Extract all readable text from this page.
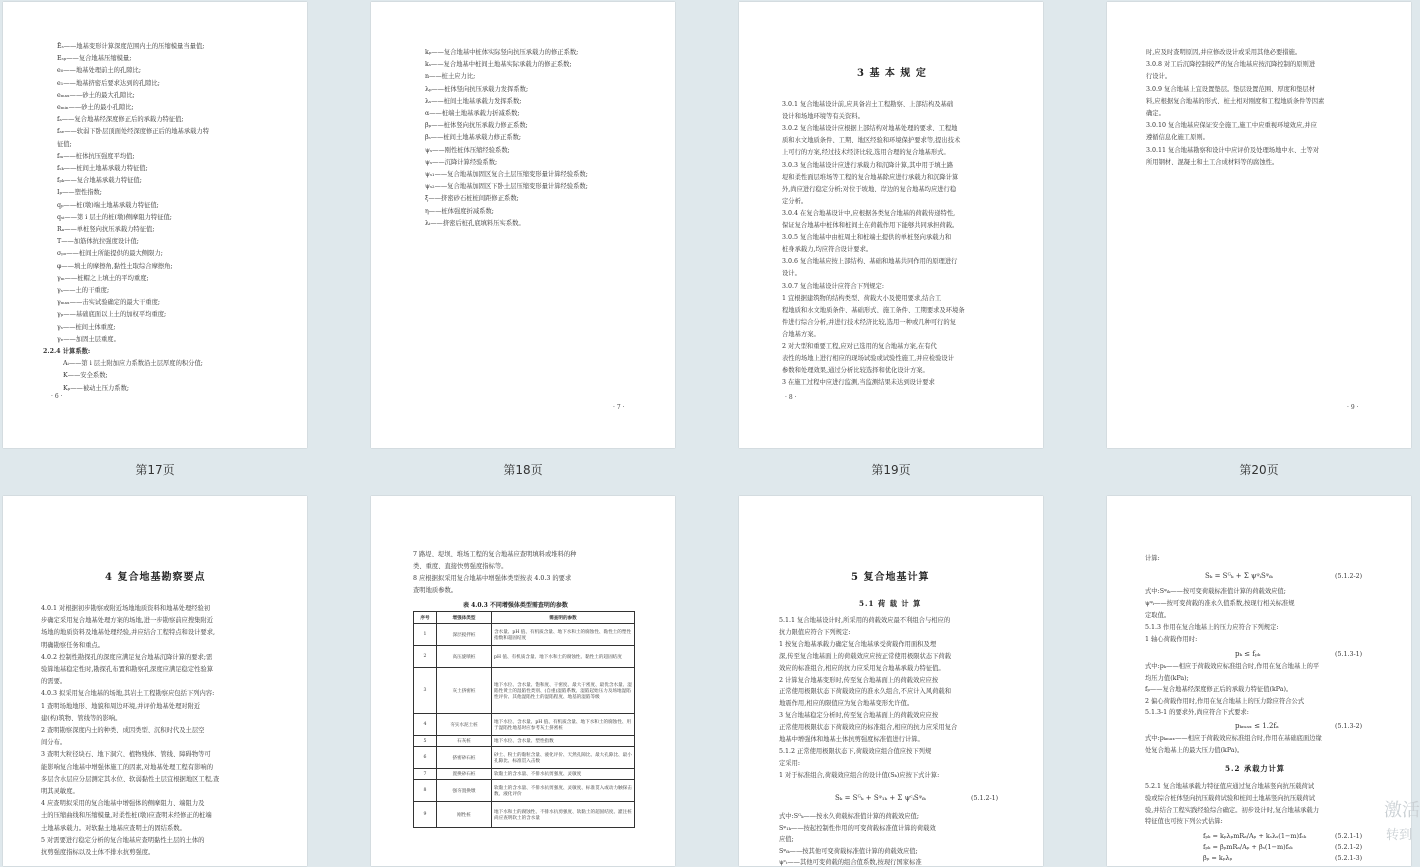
Ēₛ——地基变形计算深度范围内土的压缩模量当量值;
Eₛₚ——复合地基压缩模量;
e₀——地基处理前土的孔隙比;
e₁——地基挤密后要求达到的孔隙比;
eₘₐₓ——砂土的最大孔隙比;
eₘᵢₙ——砂土的最小孔隙比;
fₐ——复合地基经深度修正后的承载力特征值;
fₐₑ——软弱下卧层顶面处经深度修正后的地基承载力特
征值;
fₘ——桩体抗压强度平均值;
fₛₖ——桩间土地基承载力特征值;
fₚₖ——复合地基承载力特征值;
Iₚ——塑性指数;
qₚ——桩(墩)端土地基承载力特征值;
qₛᵢ——第 i 层土的桩(墩)侧摩阻力特征值;
Rₐ——单桩竖向抗压承载力特征值;
T——加筋体抗拉强度设计值;
σₚₒ——桩间土所能提供的最大侧限力;
φ——填土的摩擦角,黏性土取综合摩擦角;
γₘ——桩帽之上填土的平均重度;
γₛ——土的干重度;
γₘₐₓ——击实试验确定的最大干重度;
γₚ——基础底面以上土的加权平均重度;
γₛ——桩间土体重度;
γₑ——加固土层重度。
2.2.4 计算系数:
Aᵢ——第 i 层土附加应力系数沿土层厚度的积分值;
K——安全系数;
Kₚ——被动土压力系数;
· 6 ·
第17页
kₚ——复合地基中桩体实际竖向抗压承载力的修正系数;
kₛ——复合地基中桩间土地基实际承载力的修正系数;
n——桩土应力比;
λₚ——桩体竖向抗压承载力发挥系数;
λₛ——桩间土地基承载力发挥系数;
α——桩端土地基承载力折减系数;
βₚ——桩体竖向抗压承载力修正系数;
βₛ——桩间土地基承载力修正系数;
ψₛ——刚性桩体压缩经验系数;
ψₛ——沉降计算经验系数;
ψₛ₁——复合地基加固区复合土层压缩变形量计算经验系数;
ψₛ₂——复合地基加固区下卧土层压缩变形量计算经验系数;
ξ——挤密砂石桩桩间距修正系数;
η——桩体强度折减系数;
λᵢ——挤密后桩孔底填料压实系数。
· 7 ·
第18页
3 基 本 规 定
3.0.1 复合地基设计前,应具备岩土工程勘察、上部结构及基础
设计和场地环境等有关资料。
3.0.2 复合地基设计应根据上部结构对地基处理的要求、工程地
质和水文地质条件、工期、地区经验和环境保护要求等,提出技术
上可行的方案,经过技术经济比较,选用合理的复合地基形式。
3.0.3 复合地基设计应进行承载力和沉降计算,其中用于填土路
堤和柔性面层堆场等工程的复合地基除应进行承载力和沉降计算
外,尚应进行稳定分析;对位于坡地、岸边的复合地基均应进行稳
定分析。
3.0.4 在复合地基设计中,应根据各类复合地基的荷载传递特性,
保证复合地基中桩体和桩间土在荷载作用下能够共同承担荷载。
3.0.5 复合地基中由桩周土和桩端土提供的单桩竖向承载力和
桩身承载力,均应符合设计要求。
3.0.6 复合地基应按上部结构、基础和地基共同作用的原理进行
设计。
3.0.7 复合地基设计应符合下列规定:
1 宜根据建筑物的结构类型、荷载大小及使用要求,结合工
程地质和水文地质条件、基础形式、施工条件、工期要求及环境条
件进行综合分析,并进行技术经济比较,选用一种或几种可行的复
合地基方案。
2 对大型和重要工程,应对已选用的复合地基方案,在有代
表性的场地上进行相应的现场试验或试验性施工,并应检验设计
参数和处理效果,通过分析比较选择和优化设计方案。
3 在施工过程中应进行监测,当监测结果未达到设计要求
· 8 ·
第19页
时,应及时查明原因,并应修改设计或采用其他必要措施。
3.0.8 对工后沉降控制较严的复合地基应按沉降控制的原则进
行设计。
3.0.9 复合地基上宜设置垫层。垫层设置范围、厚度和垫层材
料,应根据复合地基的形式、桩土相对刚度和工程地质条件等因素
确定。
3.0.10 复合地基应保证安全施工,施工中应重视环境效应,并应
遵循信息化施工原则。
3.0.11 复合地基勘察和设计中应评价及处理场地中水、土等对
所用钢材、混凝土和土工合成材料等的腐蚀性。
· 9 ·
第20页
4 复合地基勘察要点
4.0.1 对根据初步勘察或附近场地地质资料和地基处理经验初
步确定采用复合地基处理方案的场地,进一步勘察前应搜集附近
场地的地质资料及地基处理经验,并应结合工程特点和设计要求,
明确勘察任务和重点。
4.0.2 控制性勘探孔的深度应满足复合地基沉降计算的要求;需
验算地基稳定性时,勘探孔布置和勘察孔深度应满足稳定性验算
的需要。
4.0.3 拟采用复合地基的场地,其岩土工程勘察应包括下列内容:
1 查明场地地形、地貌和周边环境,并评价地基处理对附近
建(构)筑物、管线等的影响。
2 查明勘察深度内土的种类、成因类型、沉积时代及土层空
间分布。
3 查明大粒径块石、地下洞穴、植物残体、管线、障碍物等可
能影响复合地基中增强体施工的因素,对地基处理工程有影响的
多层含水层应分层测定其水位、软弱黏性土层宜根据地区工程,查
明其灵敏度。
4 应查明拟采用的复合地基中增强体的侧摩阻力、端阻力及
土的压缩曲线和压缩模量,对柔性桩(墩)应查明未经修正的桩端
土地基承载力。对软黏土地基应查明土的固结系数。
5 对需要进行稳定分析的复合地基应查明黏性土层的土体的
抗剪强度指标以及土体不排水抗剪强度。
7 路堤、堤坝、堆场工程的复合地基应查明填料或堆料的种
类、重度、直接快剪强度指标等。
8 应根据拟采用复合地基中增强体类型按表 4.0.3 的要求
查明地质参数。
表 4.0.3 不同增强体类型需查明的参数
序号	增强体类型	需查明的参数
1	深层搅拌桩	含水量、pH 值、有机质含量、地下水和土的腐蚀性、黏性土的塑性指数和超固结度
2	高压旋喷桩	pH 值、有机质含量、地下水和土的腐蚀性、黏性土的超固结度
3	灰土挤密桩	地下水位、含水量、饱和度、干密度、最大干密度、最优含水量、湿陷性黄土的湿陷性类别、(自重)湿陷系数、湿陷起始压力及场地湿陷性评价、其他湿陷性土的湿陷程度、地基的湿陷等级
4	夯实水泥土桩	地下水位、含水量、pH 值、有机质含量、地下水和土的腐蚀性、用于湿陷性地基时应参考灰土挤密桩
5	石灰桩	地下水位、含水量、塑性指数
6	挤密砂石桩	砂土、粉土的黏粒含量、液化评价、天然孔隙比、最大孔隙比、最小孔隙比、标准贯入击数
7	置换砂石桩	软黏土的含水量、不排水抗剪强度、灵敏度
8	强夯置换墩	软黏土的含水量、不排水抗剪强度、灵敏度、标准贯入或动力触探击数、液化评价
9	刚性桩	地下水和土的腐蚀性、不排水抗剪强度、软黏土的超固结度、灌注桩尚应查明软土的含水量
5 复合地基计算
5.1 荷 载 计 算
5.1.1 复合地基设计时,所采用的荷载效应最不利组合与相应的
抗力限值应符合下列规定:
1 按复合地基承载力确定复合地基承受荷载作用面积及埋
深,传至复合地基面上的荷载效应应按正常使用极限状态下荷载
效应的标准组合,相应的抗力应采用复合地基承载力特征值。
2 计算复合地基变形时,传至复合地基面上的荷载效应应按
正常使用极限状态下荷载效应的准永久组合,不应计入风荷载和
地震作用,相应的限值应为复合地基变形允许值。
3 复合地基稳定分析时,传至复合地基面上的荷载效应应按
正常使用极限状态下荷载效应的标准组合,相应的抗力应采用复合
地基中增强体和地基土体抗剪强度标准值进行计算。
5.1.2 正常使用极限状态下,荷载效应组合值应按下列规
定采用:
1 对于标准组合,荷载效应组合的设计值(Sₖ)应按下式计算:
Sₖ = Sᴳₖ + Sᵠ₁ₖ + Σ ψᶜᵢSᵠᵢₖ	(5.1.2-1)
式中:Sᴳₖ——按永久荷载标准值计算的荷载效应值;
Sᵠ₁ₖ——按起控制性作用的可变荷载标准值计算的荷载效
应值;
Sᵠᵢₖ——按其他可变荷载标准值计算的荷载效应值;
ψᶜᵢ——其他可变荷载的组合值系数,按现行国家标准
计算:
Sₖ = Sᴳₖ + Σ ψᵠᵢSᵠᵢₖ	(5.1.2-2)
式中:Sᵠᵢₖ——按可变荷载标准值计算的荷载效应值;
ψᵠᵢ——按可变荷载的准永久值系数,按现行相关标准规
定取值。
5.1.3 作用在复合地基上的压力应符合下列规定:
1 轴心荷载作用时:
pₖ ≤ fₚₖ	(5.1.3-1)
式中:pₖ——相应于荷载效应标准组合时,作用在复合地基上的平
均压力值(kPa);
fₚ——复合地基经深度修正后的承载力特征值(kPa)。
2 偏心荷载作用时,作用在复合地基上的压力除应符合公式
5.1.3-1 的要求外,尚应符合下式要求:
pₖₘₐₓ ≤ 1.2fₐ	(5.1.3-2)
式中:pₖₘₐₓ——相应于荷载效应标准组合时,作用在基础底面边缘
处复合地基上的最大压力值(kPa)。
5.2 承载力计算
5.2.1 复合地基承载力特征值应通过复合地基竖向抗压载荷试
验或综合桩体竖向抗压载荷试验和桩间土地基竖向抗压载荷试
验,并结合工程实践经验综合确定。初步设计时,复合地基承载力
特征值也可按下列公式估算:
fₚₖ = kₚλₚmRₐ/Aₚ + kₛλₛ(1−m)fₛₖ	(5.2.1-1)
fₚₖ = βₚmRₐ/Aₚ + βₛ(1−m)fₛₖ	(5.2.1-2)
βₚ = kₚλₚ	(5.2.1-3)
激活
转到
